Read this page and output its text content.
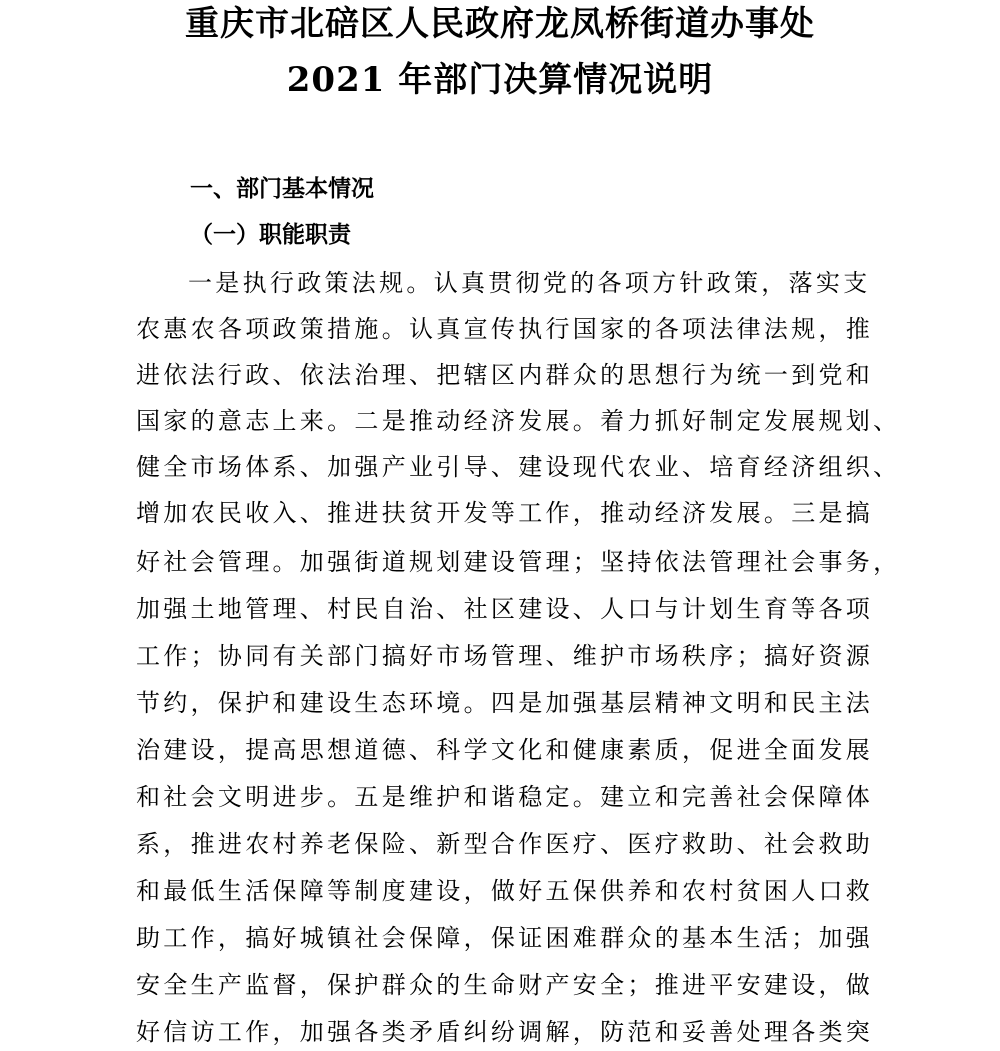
重庆市北碚区人民政府龙凤桥街道办事处
2021 年部门决算情况说明
一、部门基本情况
（一）职能职责

一是执行政策法规。认真贯彻党的各项方针政策，落实支

农惠农各项政策措施。认真宣传执行国家的各项法律法规，推

进依法行政、依法治理、把辖区内群众的思想行为统一到党和

国家的意志上来。二是推动经济发展。着力抓好制定发展规划、

健全市场体系、加强产业引导、建设现代农业、培育经济组织、

增加农民收入、推进扶贫开发等工作，推动经济发展。三是搞

好社会管理。加强街道规划建设管理；坚持依法管理社会事务，

加强土地管理、村民自治、社区建设、人口与计划生育等各项

工作；协同有关部门搞好市场管理、维护市场秩序；搞好资源

节约，保护和建设生态环境。四是加强基层精神文明和民主法

治建设，提高思想道德、科学文化和健康素质，促进全面发展

和社会文明进步。五是维护和谐稳定。建立和完善社会保障体

系，推进农村养老保险、新型合作医疗、医疗救助、社会救助

和最低生活保障等制度建设，做好五保供养和农村贫困人口救

助工作，搞好城镇社会保障，保证困难群众的基本生活；加强

安全生产监督，保护群众的生命财产安全；推进平安建设，做

好信访工作，加强各类矛盾纠纷调解，防范和妥善处理各类突
